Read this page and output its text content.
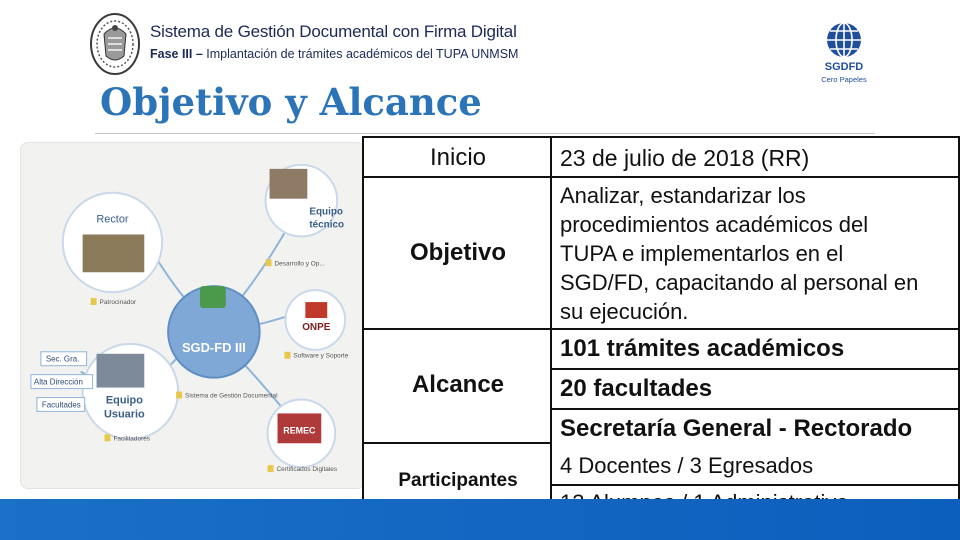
Sistema de Gestión Documental con Firma Digital
Fase III – Implantación de trámites académicos del TUPA UNMSM
SGDFD
Cero Papeles
Objetivo y Alcance
SGD-FD III
Rector
Equipo
técnico
ONPE
Equipo
Usuario
REMEC
Desarrollo y Op...
Patrocinador
Software y Soporte
Sistema de Gestión Documental
Facilitadores
Certificados Digitales
Sec. Gra.
Alta Dirección
Facultades
Inicio	23 de julio de 2018 (RR)
Objetivo
Analizar, estandarizar los
procedimientos académicos del
TUPA e implementarlos en el
SGD/FD, capacitando al personal en
su ejecución.
Alcance
101 trámites académicos
20 facultades
Secretaría General - Rectorado
Participantes
4 Docentes / 3 Egresados
